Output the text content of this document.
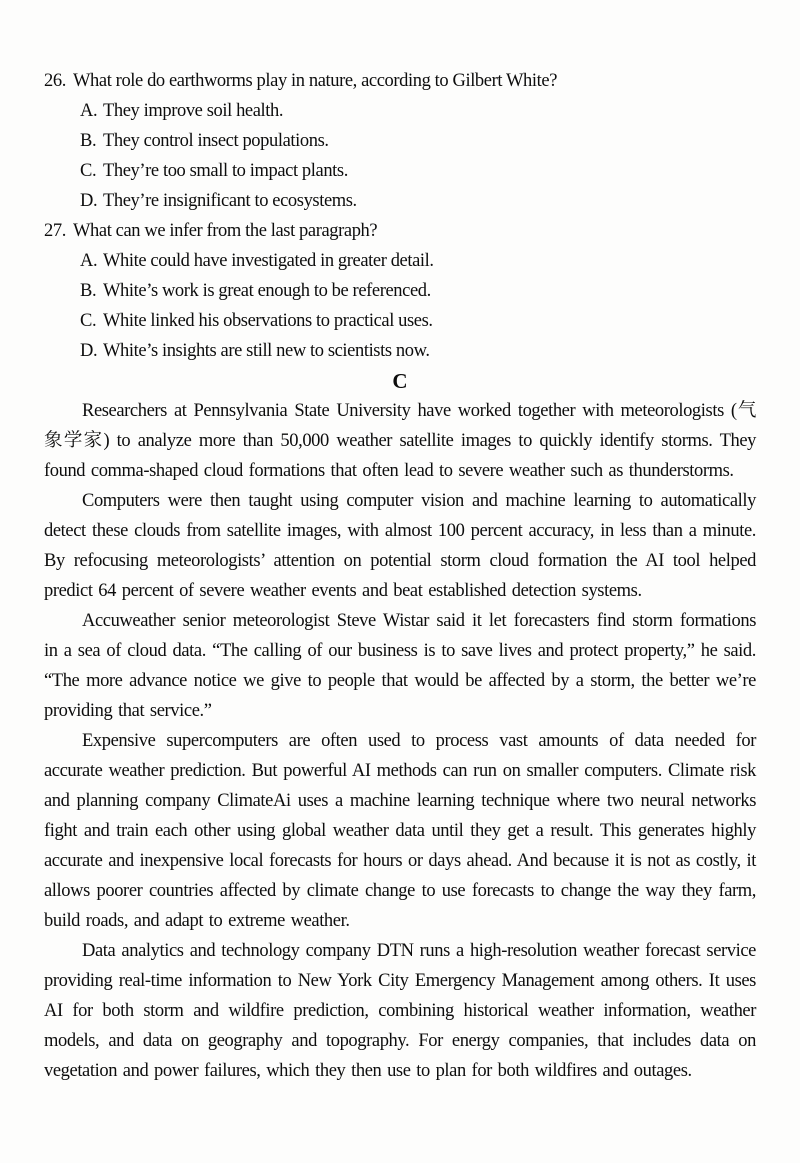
26. What role do earthworms play in nature, according to Gilbert White?
A. They improve soil health.
B. They control insect populations.
C. They’re too small to impact plants.
D. They’re insignificant to ecosystems.
27. What can we infer from the last paragraph?
A. White could have investigated in greater detail.
B. White’s work is great enough to be referenced.
C. White linked his observations to practical uses.
D. White’s insights are still new to scientists now.
C

Researchers at Pennsylvania State University have worked together with meteorologists (气象学家) to analyze more than 50,000 weather satellite images to quickly identify storms. They found comma-shaped cloud formations that often lead to severe weather such as thunderstorms.

Computers were then taught using computer vision and machine learning to automatically detect these clouds from satellite images, with almost 100 percent accuracy, in less than a minute. By refocusing meteorologists’ attention on potential storm cloud formation the AI tool helped predict 64 percent of severe weather events and beat established detection systems.

Accuweather senior meteorologist Steve Wistar said it let forecasters find storm formations in a sea of cloud data. “The calling of our business is to save lives and protect property,” he said. “The more advance notice we give to people that would be affected by a storm, the better we’re providing that service.”

Expensive supercomputers are often used to process vast amounts of data needed for accurate weather prediction. But powerful AI methods can run on smaller computers. Climate risk and planning company ClimateAi uses a machine learning technique where two neural networks fight and train each other using global weather data until they get a result. This generates highly accurate and inexpensive local forecasts for hours or days ahead. And because it is not as costly, it allows poorer countries affected by climate change to use forecasts to change the way they farm, build roads, and adapt to extreme weather.

Data analytics and technology company DTN runs a high-resolution weather forecast service providing real-time information to New York City Emergency Management among others. It uses AI for both storm and wildfire prediction, combining historical weather information, weather models, and data on geography and topography. For energy companies, that includes data on vegetation and power failures, which they then use to plan for both wildfires and outages.
